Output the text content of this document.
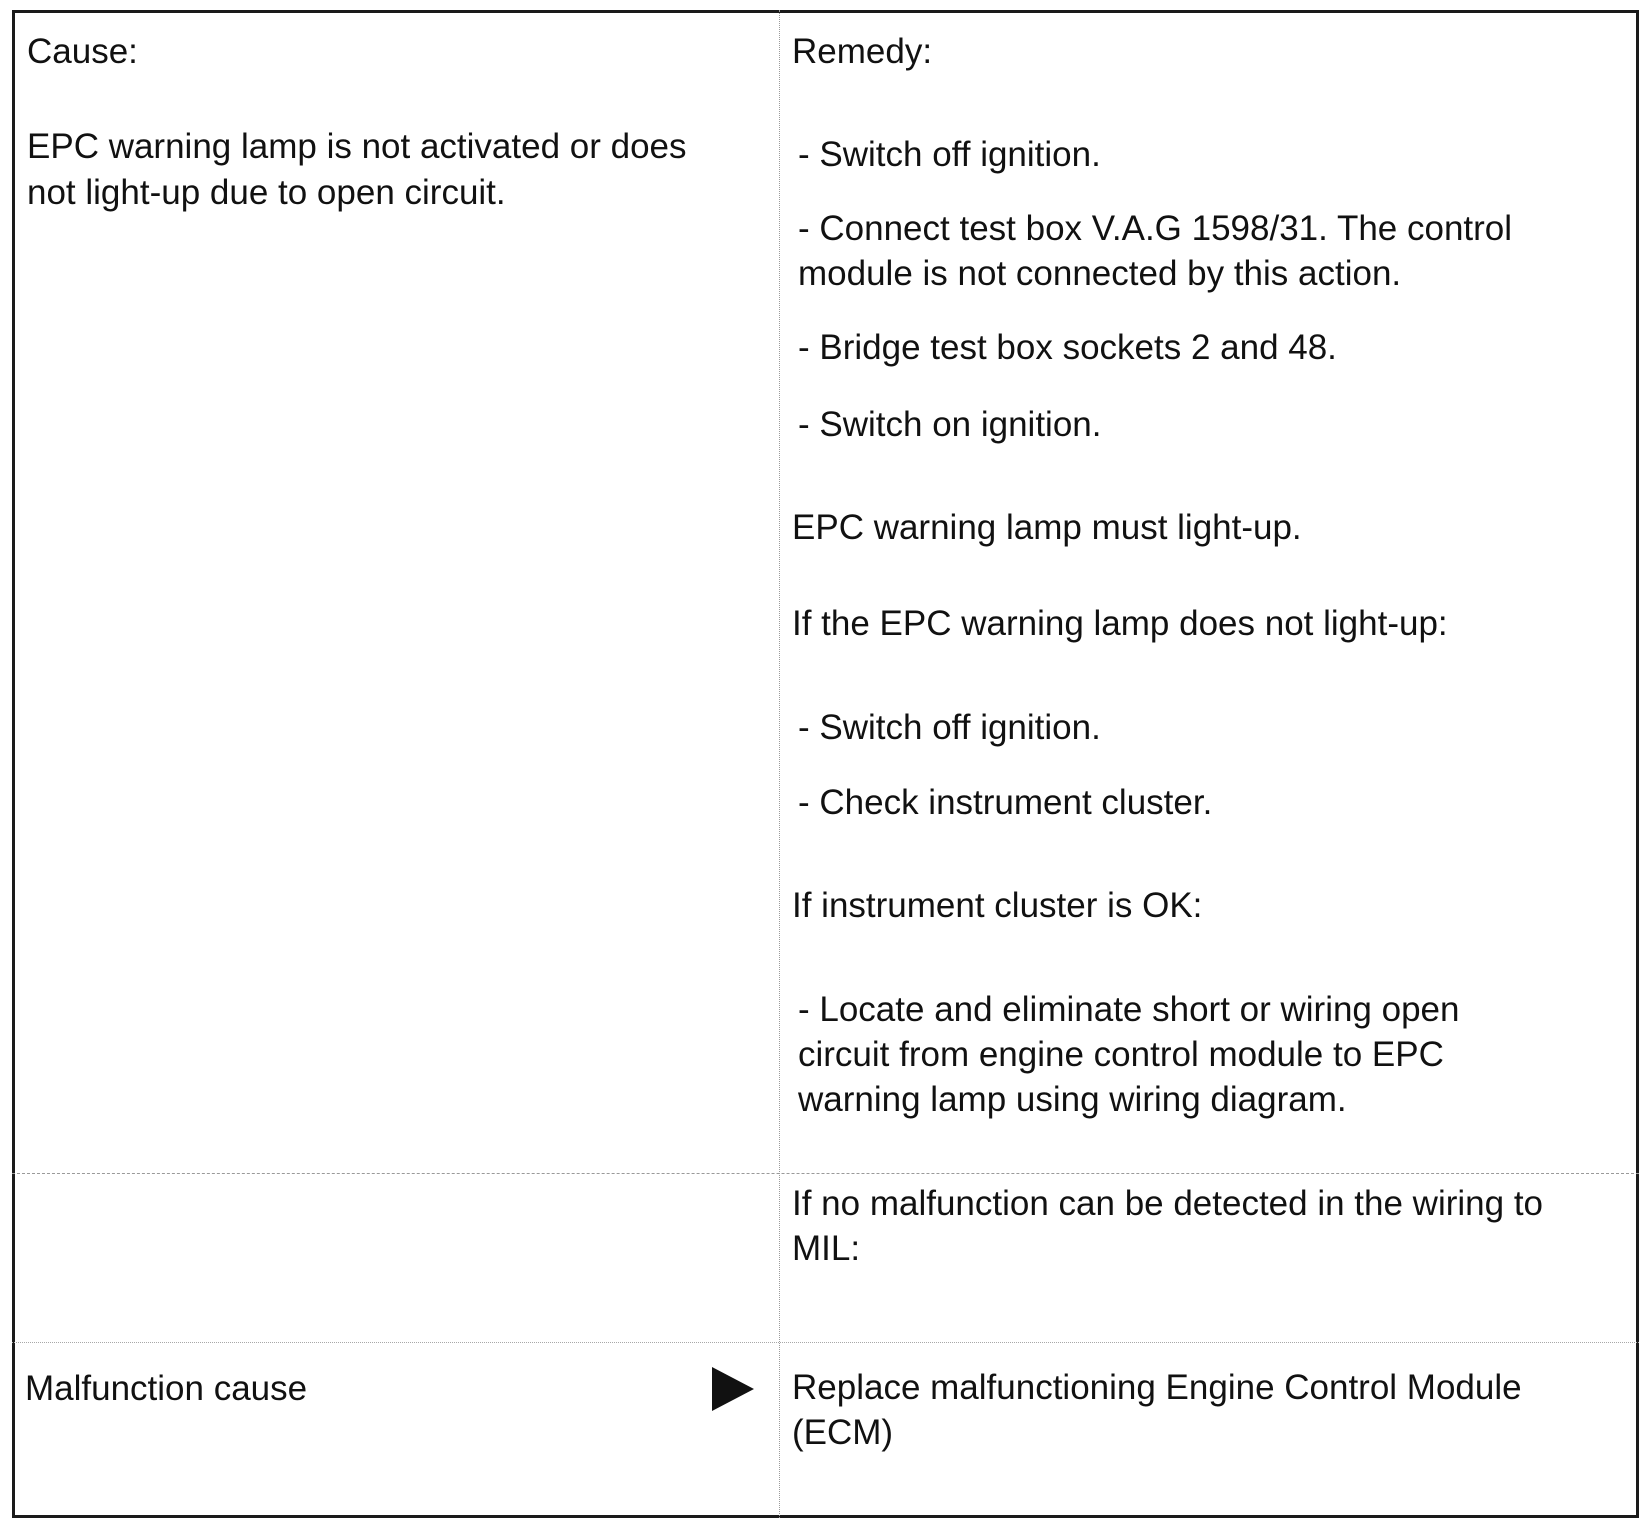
Cause:	Remedy:

EPC warning lamp is not activated or does

not light-up due to open circuit.

- Switch off ignition.

- Connect test box V.A.G 1598/31. The control

module is not connected by this action.

- Bridge test box sockets 2 and 48.

- Switch on ignition.

EPC warning lamp must light-up.

If the EPC warning lamp does not light-up:

- Switch off ignition.

- Check instrument cluster.

If instrument cluster is OK:

- Locate and eliminate short or wiring open

circuit from engine control module to EPC

warning lamp using wiring diagram.

If no malfunction can be detected in the wiring to

MIL:

Malfunction cause	Replace malfunctioning Engine Control Module

(ECM)
